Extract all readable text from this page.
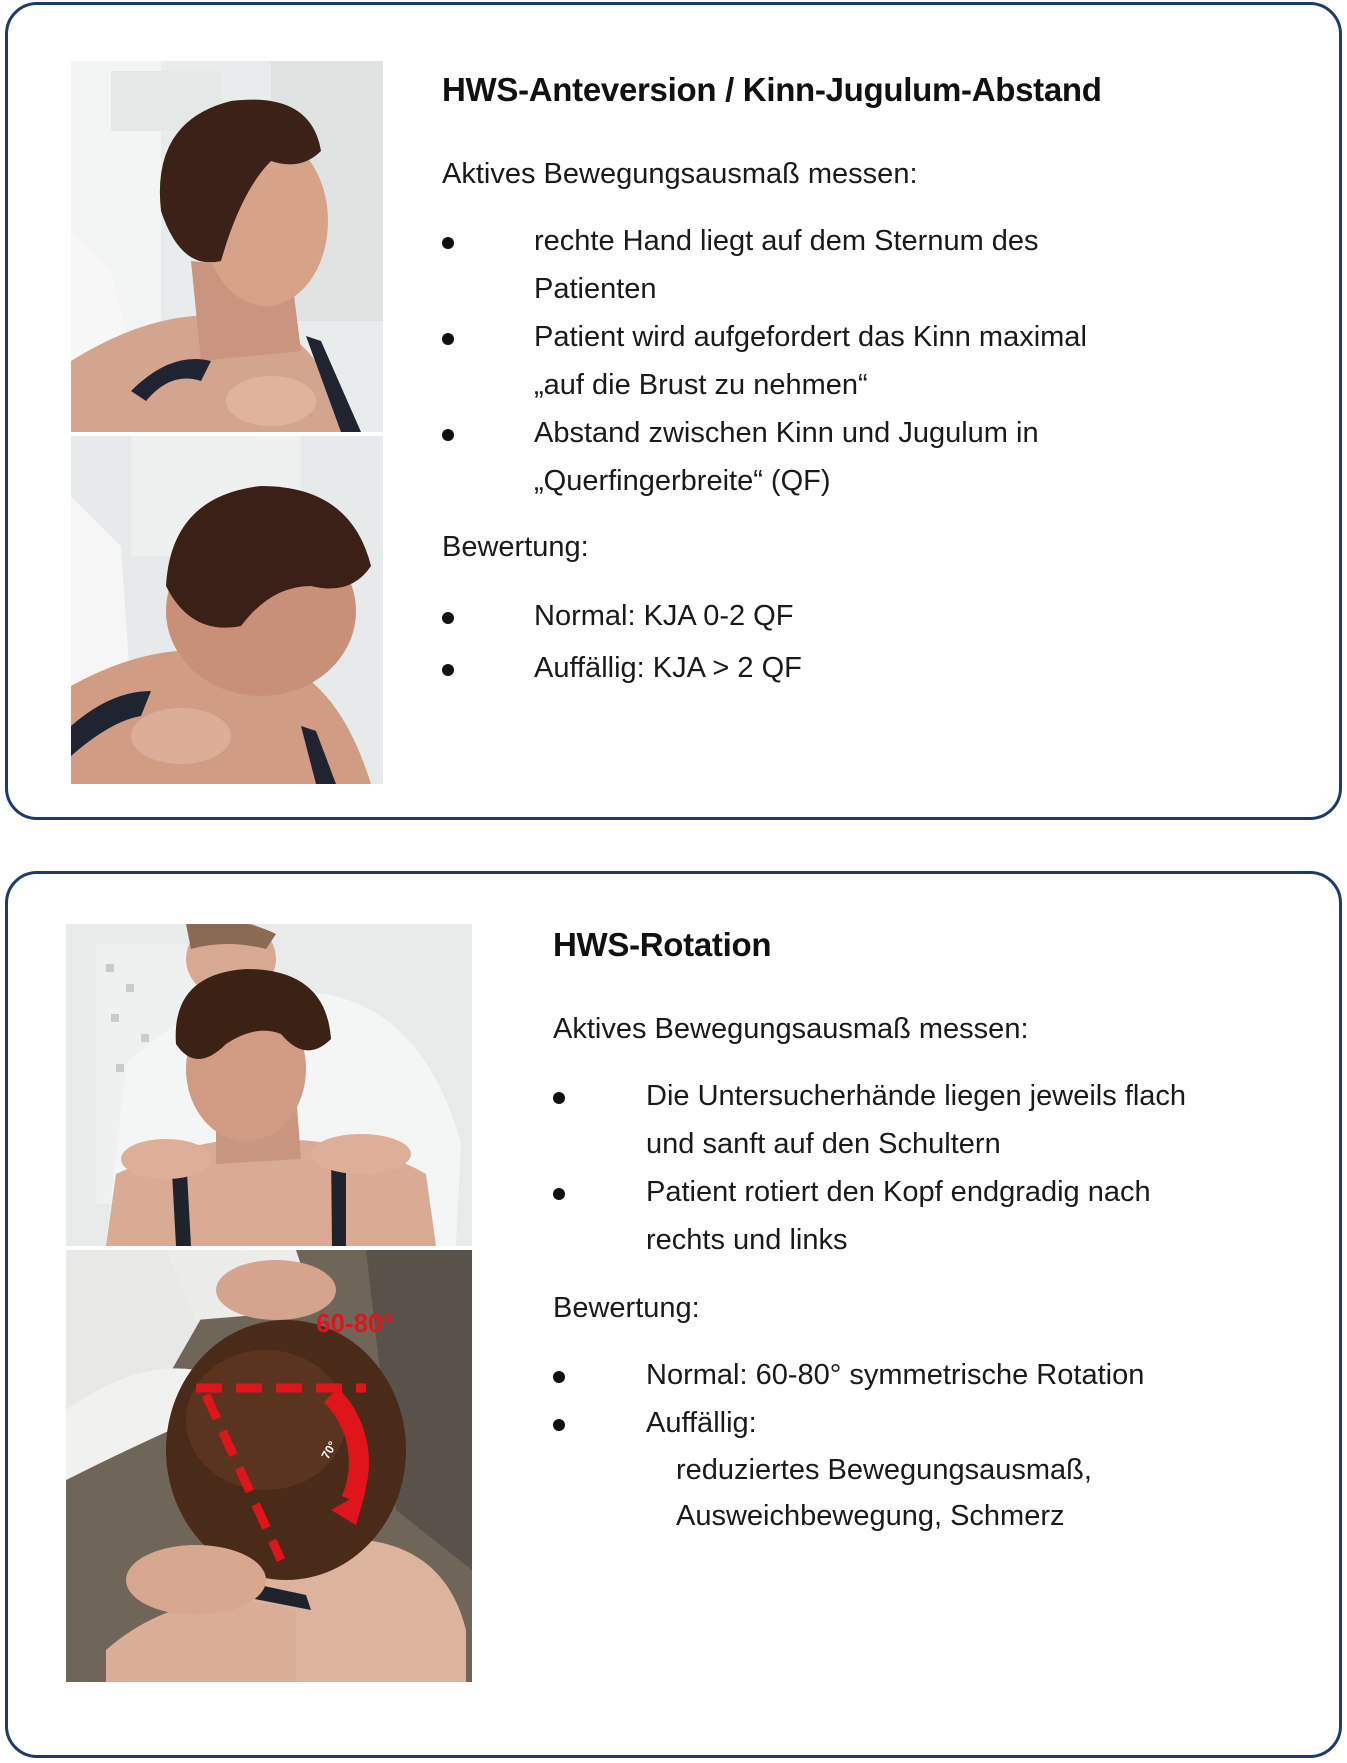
HWS-Anteversion / Kinn-Jugulum-Abstand

Aktives Bewegungsausmaß messen:

rechte Hand liegt auf dem Sternum des
Patienten
Patient wird aufgefordert das Kinn maximal
„auf die Brust zu nehmen“
Abstand zwischen Kinn und Jugulum in
„Querfingerbreite“ (QF)

Bewertung:

Normal: KJA 0-2 QF
Auffällig: KJA > 2 QF
60-80°
70°
HWS-Rotation

Aktives Bewegungsausmaß messen:

Die Untersucherhände liegen jeweils flach
und sanft auf den Schultern
Patient rotiert den Kopf endgradig nach
rechts und links

Bewertung:

Normal: 60-80° symmetrische Rotation
Auffällig:
reduziertes Bewegungsausmaß,
Ausweichbewegung, Schmerz
